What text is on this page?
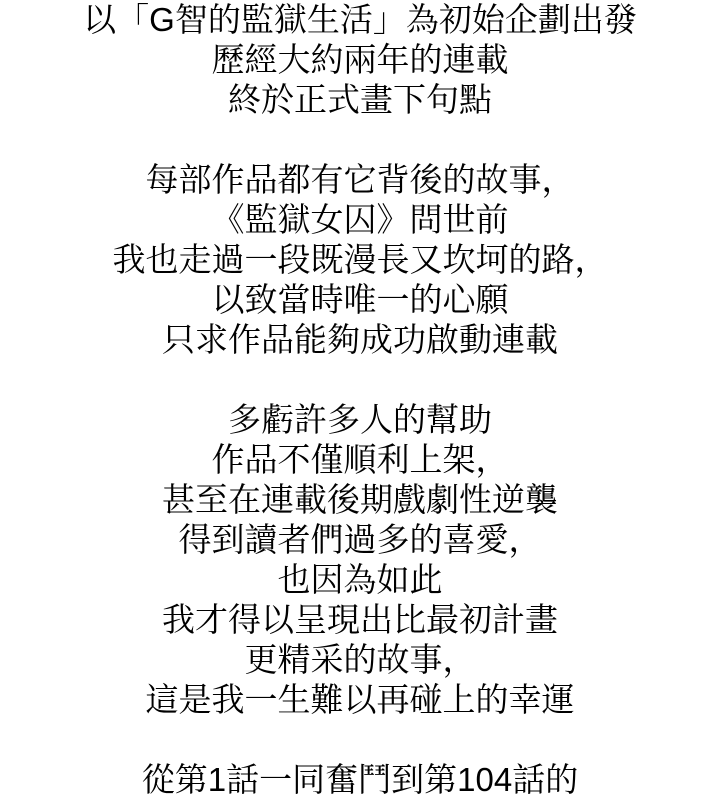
以「G智的監獄生活」為初始企劃出發
歷經大約兩年的連載
終於正式畫下句點
每部作品都有它背後的故事，
《監獄女囚》問世前
我也走過一段既漫長又坎坷的路，
以致當時唯一的心願
只求作品能夠成功啟動連載
多虧許多人的幫助
作品不僅順利上架，
甚至在連載後期戲劇性逆襲
得到讀者們過多的喜愛，
也因為如此
我才得以呈現出比最初計畫
更精采的故事，
這是我一生難以再碰上的幸運
從第1話一同奮鬥到第104話的
